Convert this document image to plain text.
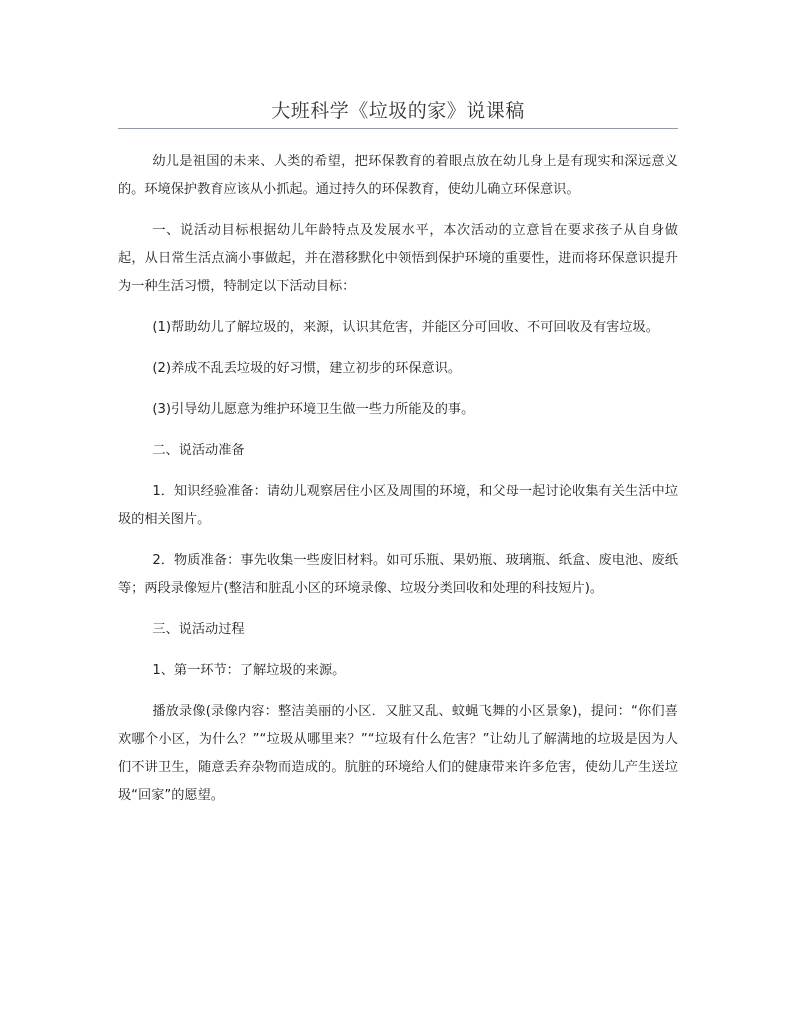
大班科学《垃圾的家》说课稿

幼儿是祖国的未来、人类的希望，把环保教育的着眼点放在幼儿身上是有现实和深远意义的。环境保护教育应该从小抓起。通过持久的环保教育，使幼儿确立环保意识。

一、说活动目标根据幼儿年龄特点及发展水平，本次活动的立意旨在要求孩子从自身做起，从日常生活点滴小事做起，并在潜移默化中领悟到保护环境的重要性，进而将环保意识提升为一种生活习惯，特制定以下活动目标：

(1)帮助幼儿了解垃圾的，来源，认识其危害，并能区分可回收、不可回收及有害垃圾。

(2)养成不乱丢垃圾的好习惯，建立初步的环保意识。

(3)引导幼儿愿意为维护环境卫生做一些力所能及的事。

二、说活动准备

1．知识经验准备：请幼儿观察居住小区及周围的环境，和父母一起讨论收集有关生活中垃圾的相关图片。

2．物质准备：事先收集一些废旧材料。如可乐瓶、果奶瓶、玻璃瓶、纸盒、废电池、废纸等；两段录像短片(整洁和脏乱小区的环境录像、垃圾分类回收和处理的科技短片)。

三、说活动过程

1、第一环节：了解垃圾的来源。

播放录像(录像内容：整洁美丽的小区．又脏又乱、蚊蝇飞舞的小区景象)，提问：“你们喜欢哪个小区，为什么？”“垃圾从哪里来？”“垃圾有什么危害？”让幼儿了解满地的垃圾是因为人们不讲卫生，随意丢弃杂物而造成的。肮脏的环境给人们的健康带来许多危害，使幼儿产生送垃圾“回家”的愿望。
